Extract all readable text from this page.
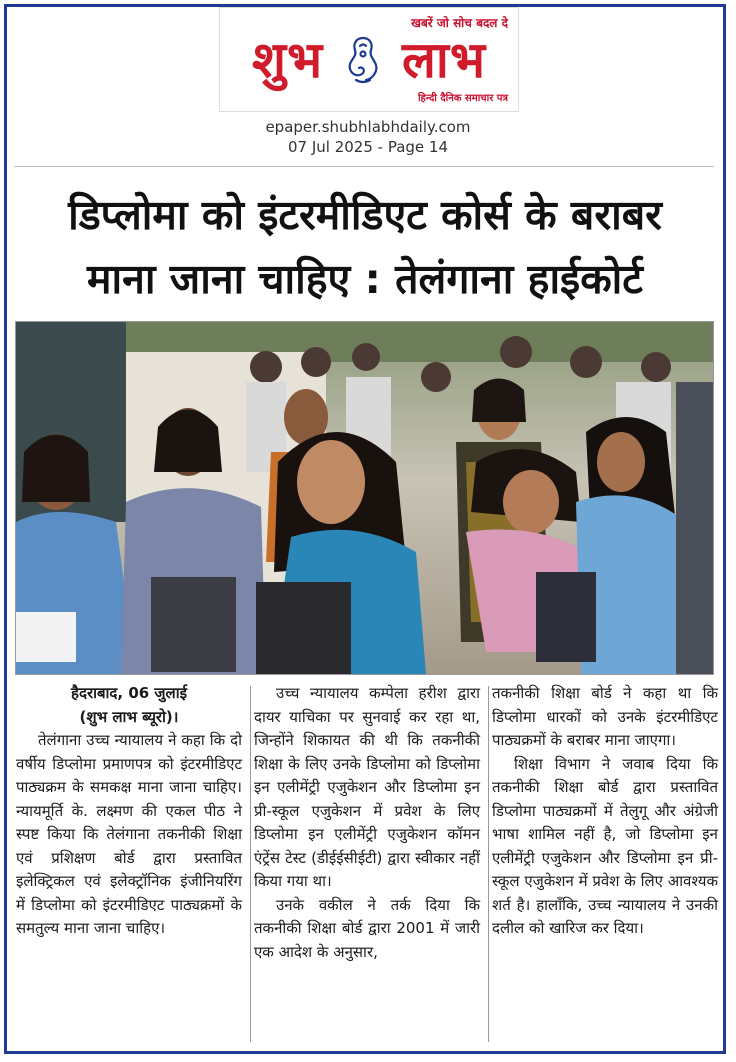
खबरें जो सोच बदल दे
शुभ लाभ
हिन्दी दैनिक समाचार पत्र
epaper.shubhlabhdaily.com
07 Jul 2025 - Page 14
डिप्लोमा को इंटरमीडिएट कोर्स के बराबर
माना जाना चाहिए : तेलंगाना हाईकोर्ट

हैदराबाद, 06 जुलाई

(शुभ लाभ ब्यूरो)।

तेलंगाना उच्च न्यायालय ने कहा कि दो वर्षीय डिप्लोमा प्रमाणपत्र को इंटरमीडिएट पाठ्यक्रम के समकक्ष माना जाना चाहिए।न्यायमूर्ति के. लक्ष्मण की एकल पीठ ने स्पष्ट किया कि तेलंगाना तकनीकी शिक्षा एवं प्रशिक्षण बोर्ड द्वारा प्रस्तावित इलेक्ट्रिकल एवं इलेक्ट्रॉनिक इंजीनियरिंग में डिप्लोमा को इंटरमीडिएट पाठ्यक्रमों के समतुल्य माना जाना चाहिए।

उच्च न्यायालय कम्पेला हरीश द्वारा दायर याचिका पर सुनवाई कर रहा था, जिन्होंने शिकायत की थी कि तकनीकी शिक्षा के लिए उनके डिप्लोमा को डिप्लोमा इन एलीमेंट्री एजुकेशन और डिप्लोमा इन प्री-स्कूल एजुकेशन में प्रवेश के लिए डिप्लोमा इन एलीमेंट्री एजुकेशन कॉमन एंट्रेंस टेस्ट (डीईईसीईटी) द्वारा स्वीकार नहीं किया गया था।

उनके वकील ने तर्क दिया कि तकनीकी शिक्षा बोर्ड द्वारा 2001 में जारी एक आदेश के अनुसार,

तकनीकी शिक्षा बोर्ड ने कहा था कि डिप्लोमा धारकों को उनके इंटरमीडिएट पाठ्यक्रमों के बराबर माना जाएगा।

शिक्षा विभाग ने जवाब दिया कि तकनीकी शिक्षा बोर्ड द्वारा प्रस्तावित डिप्लोमा पाठ्यक्रमों में तेलुगू और अंग्रेजी भाषा शामिल नहीं है, जो डिप्लोमा इन एलीमेंट्री एजुकेशन और डिप्लोमा इन प्री-स्कूल एजुकेशन में प्रवेश के लिए आवश्यक शर्त है। हालाँकि, उच्च न्यायालय ने उनकी दलील को खारिज कर दिया।
